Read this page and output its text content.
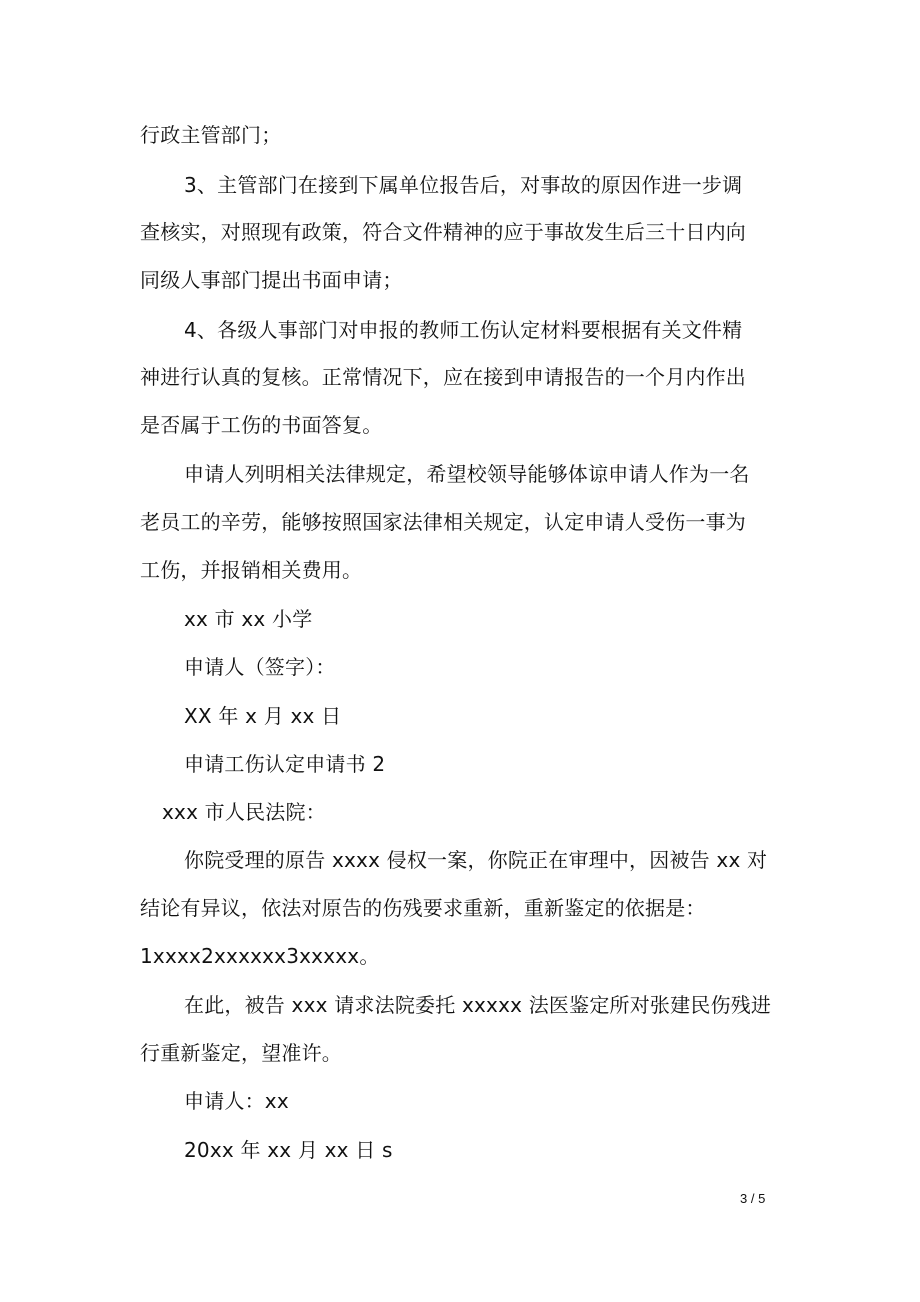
行政主管部门；

3、主管部门在接到下属单位报告后，对事故的原因作进一步调

查核实，对照现有政策，符合文件精神的应于事故发生后三十日内向

同级人事部门提出书面申请；

4、各级人事部门对申报的教师工伤认定材料要根据有关文件精

神进行认真的复核。正常情况下，应在接到申请报告的一个月内作出

是否属于工伤的书面答复。

申请人列明相关法律规定，希望校领导能够体谅申请人作为一名

老员工的辛劳，能够按照国家法律相关规定，认定申请人受伤一事为

工伤，并报销相关费用。

xx 市 xx 小学

申请人（签字）：

XX 年 x 月 xx 日

申请工伤认定申请书 2

xxx 市人民法院：

你院受理的原告 xxxx 侵权一案，你院正在审理中，因被告 xx 对

结论有异议，依法对原告的伤残要求重新，重新鉴定的依据是：

1xxxx2xxxxxx3xxxxx。

在此，被告 xxx 请求法院委托 xxxxx 法医鉴定所对张建民伤残进

行重新鉴定，望准许。

申请人：xx

20xx 年 xx 月 xx 日 s

3 / 5
